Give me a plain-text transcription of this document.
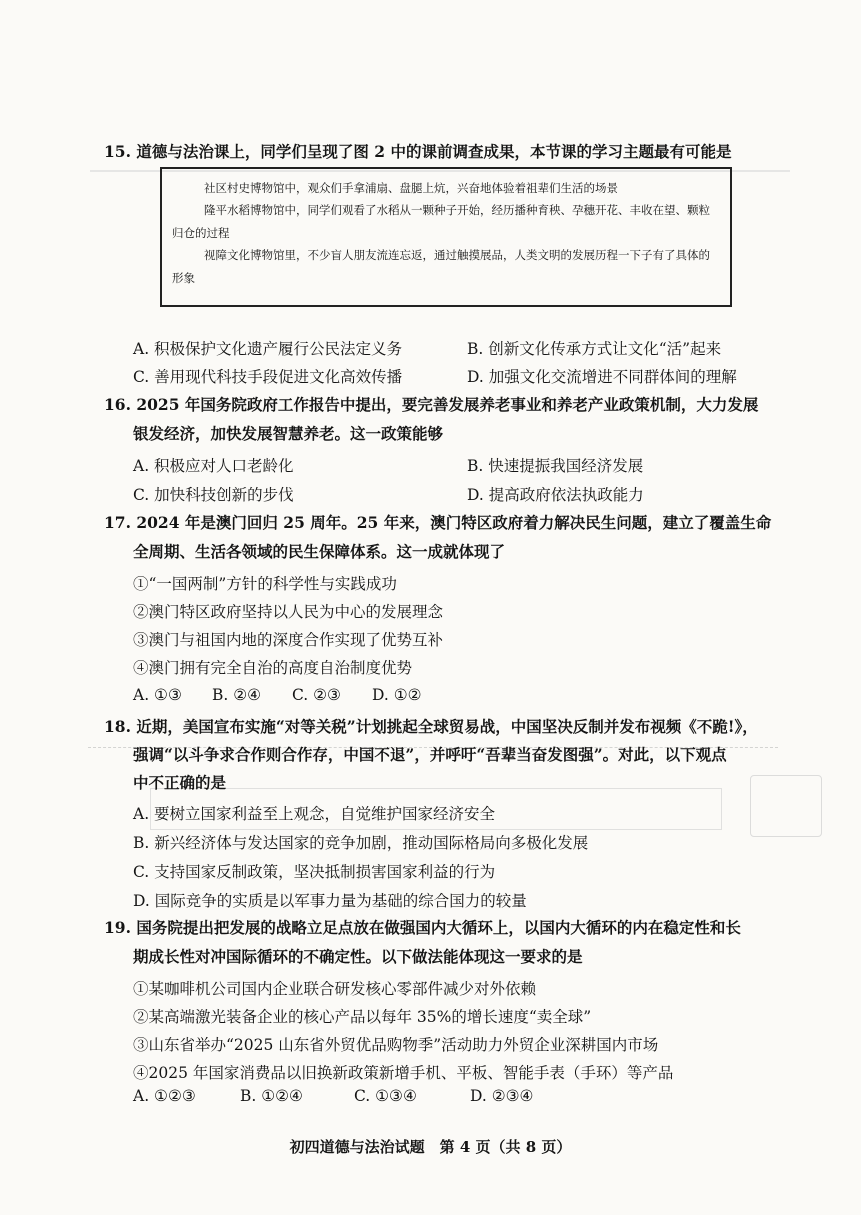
15. 道德与法治课上，同学们呈现了图 2 中的课前调查成果，本节课的学习主题最有可能是

社区村史博物馆中，观众们手拿浦扇、盘腿上炕，兴奋地体验着祖辈们生活的场景

隆平水稻博物馆中，同学们观看了水稻从一颗种子开始，经历播种育秧、孕穗开花、丰收在望、颗粒归仓的过程

视障文化博物馆里，不少盲人朋友流连忘返，通过触摸展品，人类文明的发展历程一下子有了具体的形象

A. 积极保护文化遗产履行公民法定义务	B. 创新文化传承方式让文化“活”起来
C. 善用现代科技手段促进文化高效传播	D. 加强文化交流增进不同群体间的理解
16. 2025 年国务院政府工作报告中提出，要完善发展养老事业和养老产业政策机制，大力发展
银发经济，加快发展智慧养老。这一政策能够
A. 积极应对人口老龄化	B. 快速提振我国经济发展
C. 加快科技创新的步伐	D. 提高政府依法执政能力
17. 2024 年是澳门回归 25 周年。25 年来，澳门特区政府着力解决民生问题，建立了覆盖生命
全周期、生活各领域的民生保障体系。这一成就体现了
①“一国两制”方针的科学性与实践成功
②澳门特区政府坚持以人民为中心的发展理念
③澳门与祖国内地的深度合作实现了优势互补
④澳门拥有完全自治的高度自治制度优势
A. ①③ B. ②④ C. ②③ D. ①②
18. 近期，美国宣布实施“对等关税”计划挑起全球贸易战，中国坚决反制并发布视频《不跪!》，
强调“以斗争求合作则合作存，中国不退”，并呼吁“吾辈当奋发图强”。对此，以下观点
中不正确的是
A. 要树立国家利益至上观念，自觉维护国家经济安全
B. 新兴经济体与发达国家的竞争加剧，推动国际格局向多极化发展
C. 支持国家反制政策，坚决抵制损害国家利益的行为
D. 国际竞争的实质是以军事力量为基础的综合国力的较量
19. 国务院提出把发展的战略立足点放在做强国内大循环上，以国内大循环的内在稳定性和长
期成长性对冲国际循环的不确定性。以下做法能体现这一要求的是
①某咖啡机公司国内企业联合研发核心零部件减少对外依赖
②某高端激光装备企业的核心产品以每年 35%的增长速度“卖全球”
③山东省举办“2025 山东省外贸优品购物季”活动助力外贸企业深耕国内市场
④2025 年国家消费品以旧换新政策新增手机、平板、智能手表（手环）等产品
A. ①②③	B. ①②④	C. ①③④	D. ②③④
初四道德与法治试题　第 4 页（共 8 页）
